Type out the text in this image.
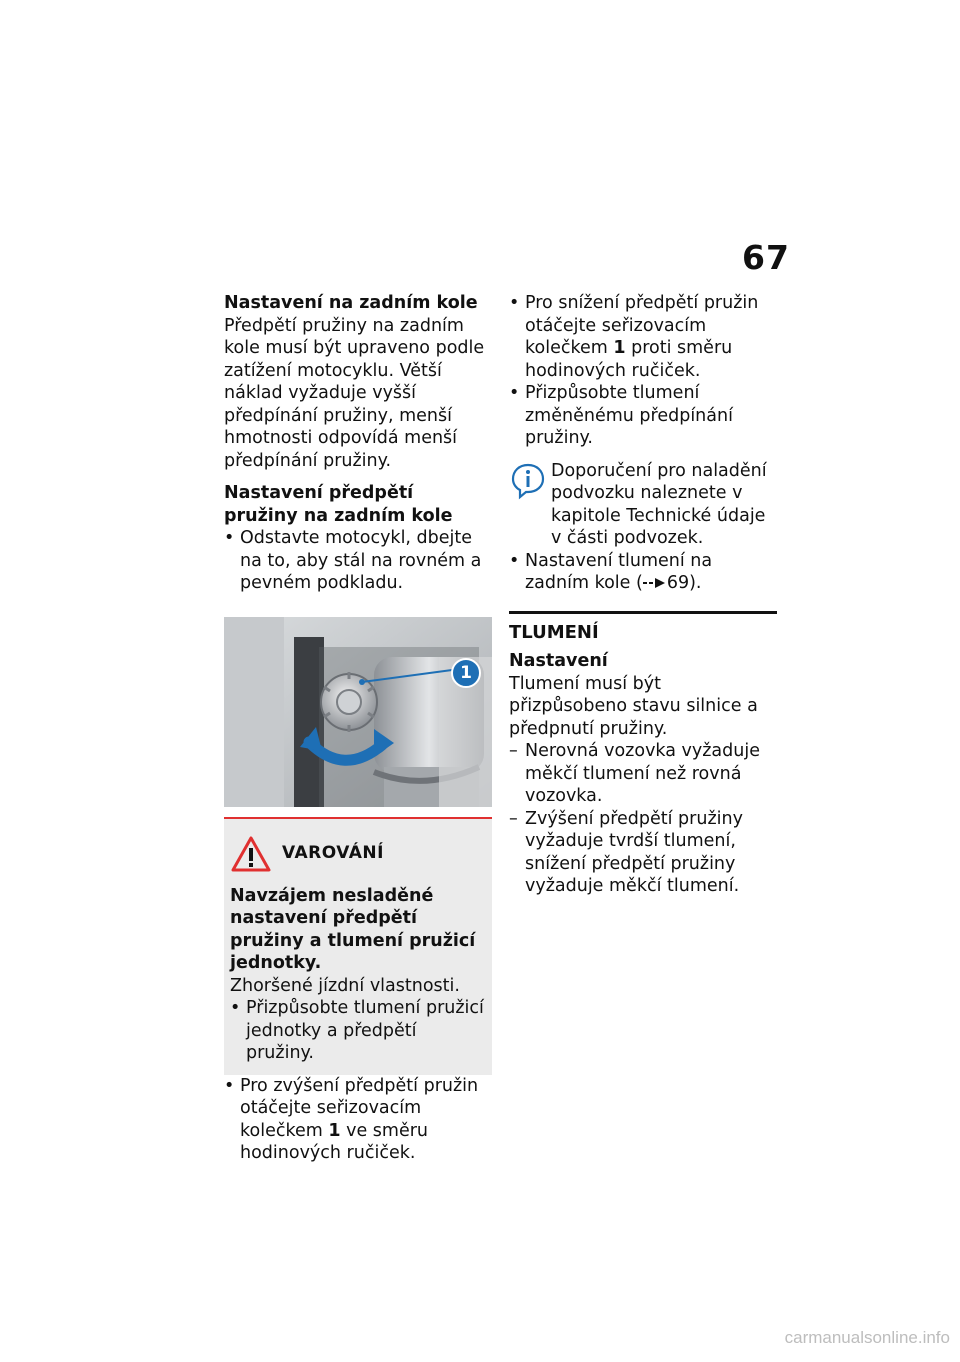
67

Nastavení na zadním kole

Předpětí pružiny na zadním kole musí být upraveno podle zatížení motocyklu. Větší náklad vyžaduje vyšší předpínání pružiny, menší hmotnosti odpovídá menší předpínání pružiny.

Nastavení předpětí pružiny na zadním kole

• Odstavte motocykl, dbejte na to, aby stál na rovném a pevném podkladu.

1
VAROVÁNÍ

Navzájem nesladěné nastavení předpětí pružiny a tlumení pružicí jednotky.

Zhoršené jízdní vlastnosti.

• Přizpůsobte tlumení pružicí jednotky a předpětí pružiny.

• Pro zvýšení předpětí pružin otáčejte seřizovacím kolečkem 1 ve směru hodinových ručiček.

• Pro snížení předpětí pružin otáčejte seřizovacím kolečkem 1 proti směru hodinových ručiček.

• Přizpůsobte tlumení změněnému předpínání pružiny.

Doporučení pro naladění podvozku naleznete v kapitole Technické údaje v části podvozek.

• Nastavení tlumení na zadním kole ( 69).

TLUMENÍ

Nastavení

Tlumení musí být přizpůsobeno stavu silnice a předpnutí pružiny.

– Nerovná vozovka vyžaduje měkčí tlumení než rovná vozovka.

– Zvýšení předpětí pružiny vyžaduje tvrdší tlumení, snížení předpětí pružiny vyžaduje měkčí tlumení.

carmanualsonline.info
